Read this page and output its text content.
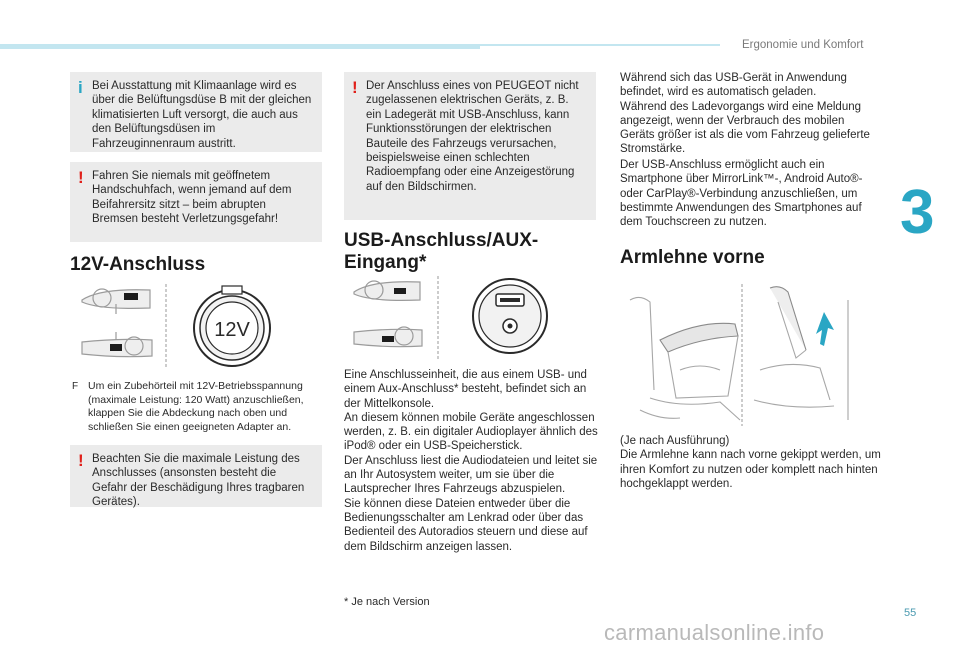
Ergonomie und Komfort
3
i Bei Ausstattung mit Klimaanlage wird es über die Belüftungsdüse B mit der gleichen klimatisierten Luft versorgt, die auch aus den Belüftungsdüsen im Fahrzeuginnenraum austritt.
! Fahren Sie niemals mit geöffnetem Handschuhfach, wenn jemand auf dem Beifahrersitz sitzt – beim abrupten Bremsen besteht Verletzungsgefahr!
12V-Anschluss
12V
F Um ein Zubehörteil mit 12V-Betriebsspannung (maximale Leistung: 120 Watt) anzuschließen, klappen Sie die Abdeckung nach oben und schließen Sie einen geeigneten Adapter an.
! Beachten Sie die maximale Leistung des Anschlusses (ansonsten besteht die Gefahr der Beschädigung Ihres tragbaren Gerätes).
! Der Anschluss eines von PEUGEOT nicht zugelassenen elektrischen Geräts, z. B. ein Ladegerät mit USB-Anschluss, kann Funktionsstörungen der elektrischen Bauteile des Fahrzeugs verursachen, beispielsweise einen schlechten Radioempfang oder eine Anzeigestörung auf den Bildschirmen.
USB-Anschluss/AUX-Eingang*
Eine Anschlusseinheit, die aus einem USB- und einem Aux-Anschluss* besteht, befindet sich an der Mittelkonsole.
An diesem können mobile Geräte angeschlossen werden, z. B. ein digitaler Audioplayer ähnlich des iPod® oder ein USB-Speicherstick.
Der Anschluss liest die Audiodateien und leitet sie an Ihr Autosystem weiter, um sie über die Lautsprecher Ihres Fahrzeugs abzuspielen.
Sie können diese Dateien entweder über die Bedienungsschalter am Lenkrad oder über das Bedienteil des Autoradios steuern und diese auf dem Bildschirm anzeigen lassen.
* Je nach Version
Während sich das USB-Gerät in Anwendung befindet, wird es automatisch geladen.
Während des Ladevorgangs wird eine Meldung angezeigt, wenn der Verbrauch des mobilen Geräts größer ist als die vom Fahrzeug gelieferte Stromstärke.
Der USB-Anschluss ermöglicht auch ein Smartphone über MirrorLink™-, Android Auto®- oder CarPlay®-Verbindung anzuschließen, um bestimmte Anwendungen des Smartphones auf dem Touchscreen zu nutzen.
Armlehne vorne
(Je nach Ausführung)
Die Armlehne kann nach vorne gekippt werden, um ihren Komfort zu nutzen oder komplett nach hinten hochgeklappt werden.
55
carmanualsonline.info
